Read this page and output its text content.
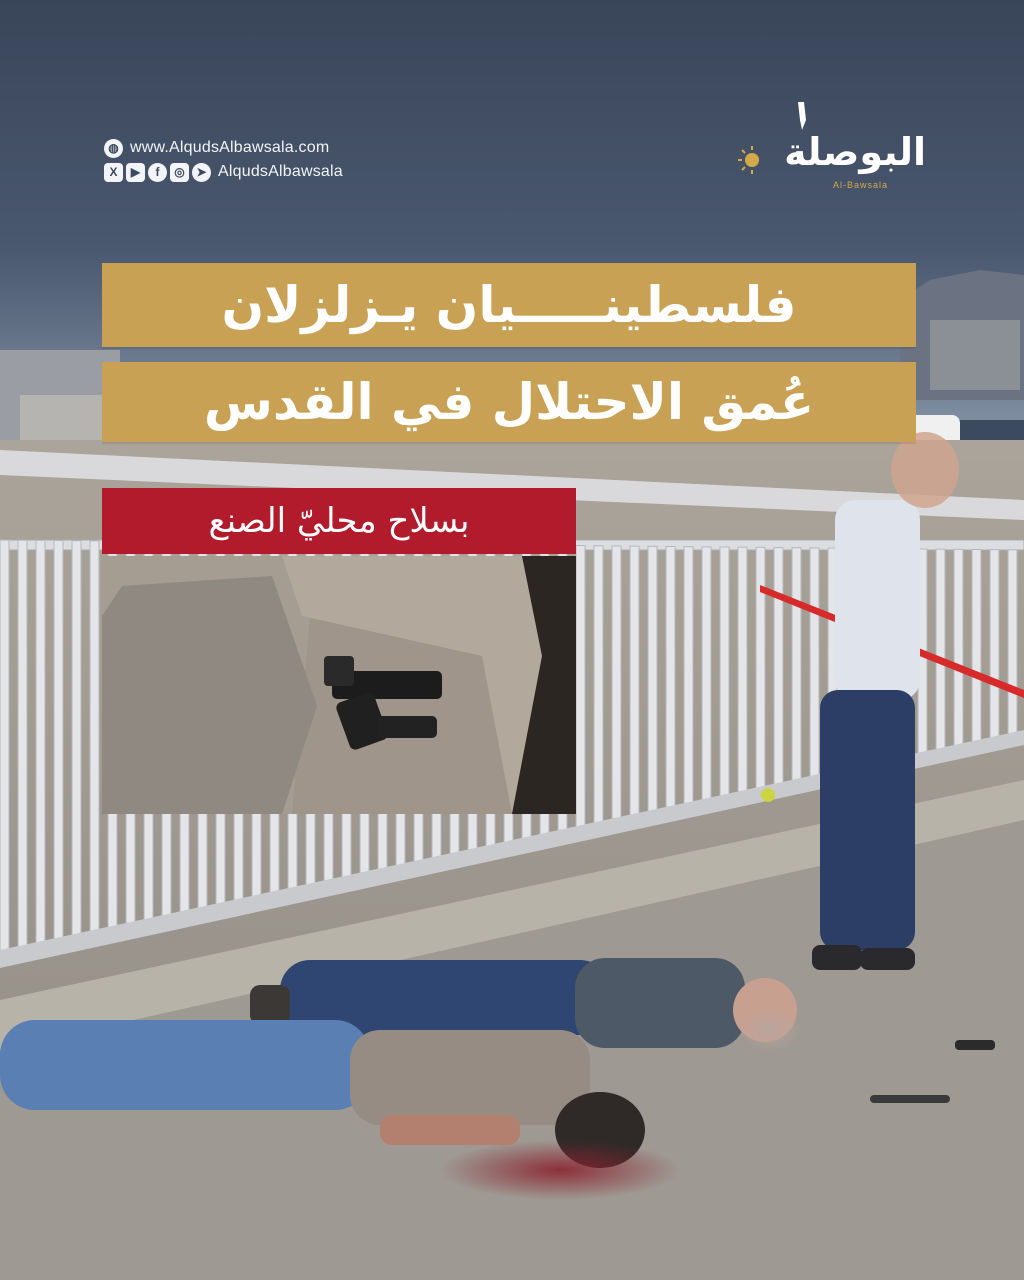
◍ www.AlqudsAlbawsala.com
X	▶	f	◎ ➤ AlqudsAlbawsala	البوصلة
Al-Bawsala
فلسطينـــــيان يـزلزلان
عُمق الاحتلال في القدس
بسلاح محليّ الصنع
